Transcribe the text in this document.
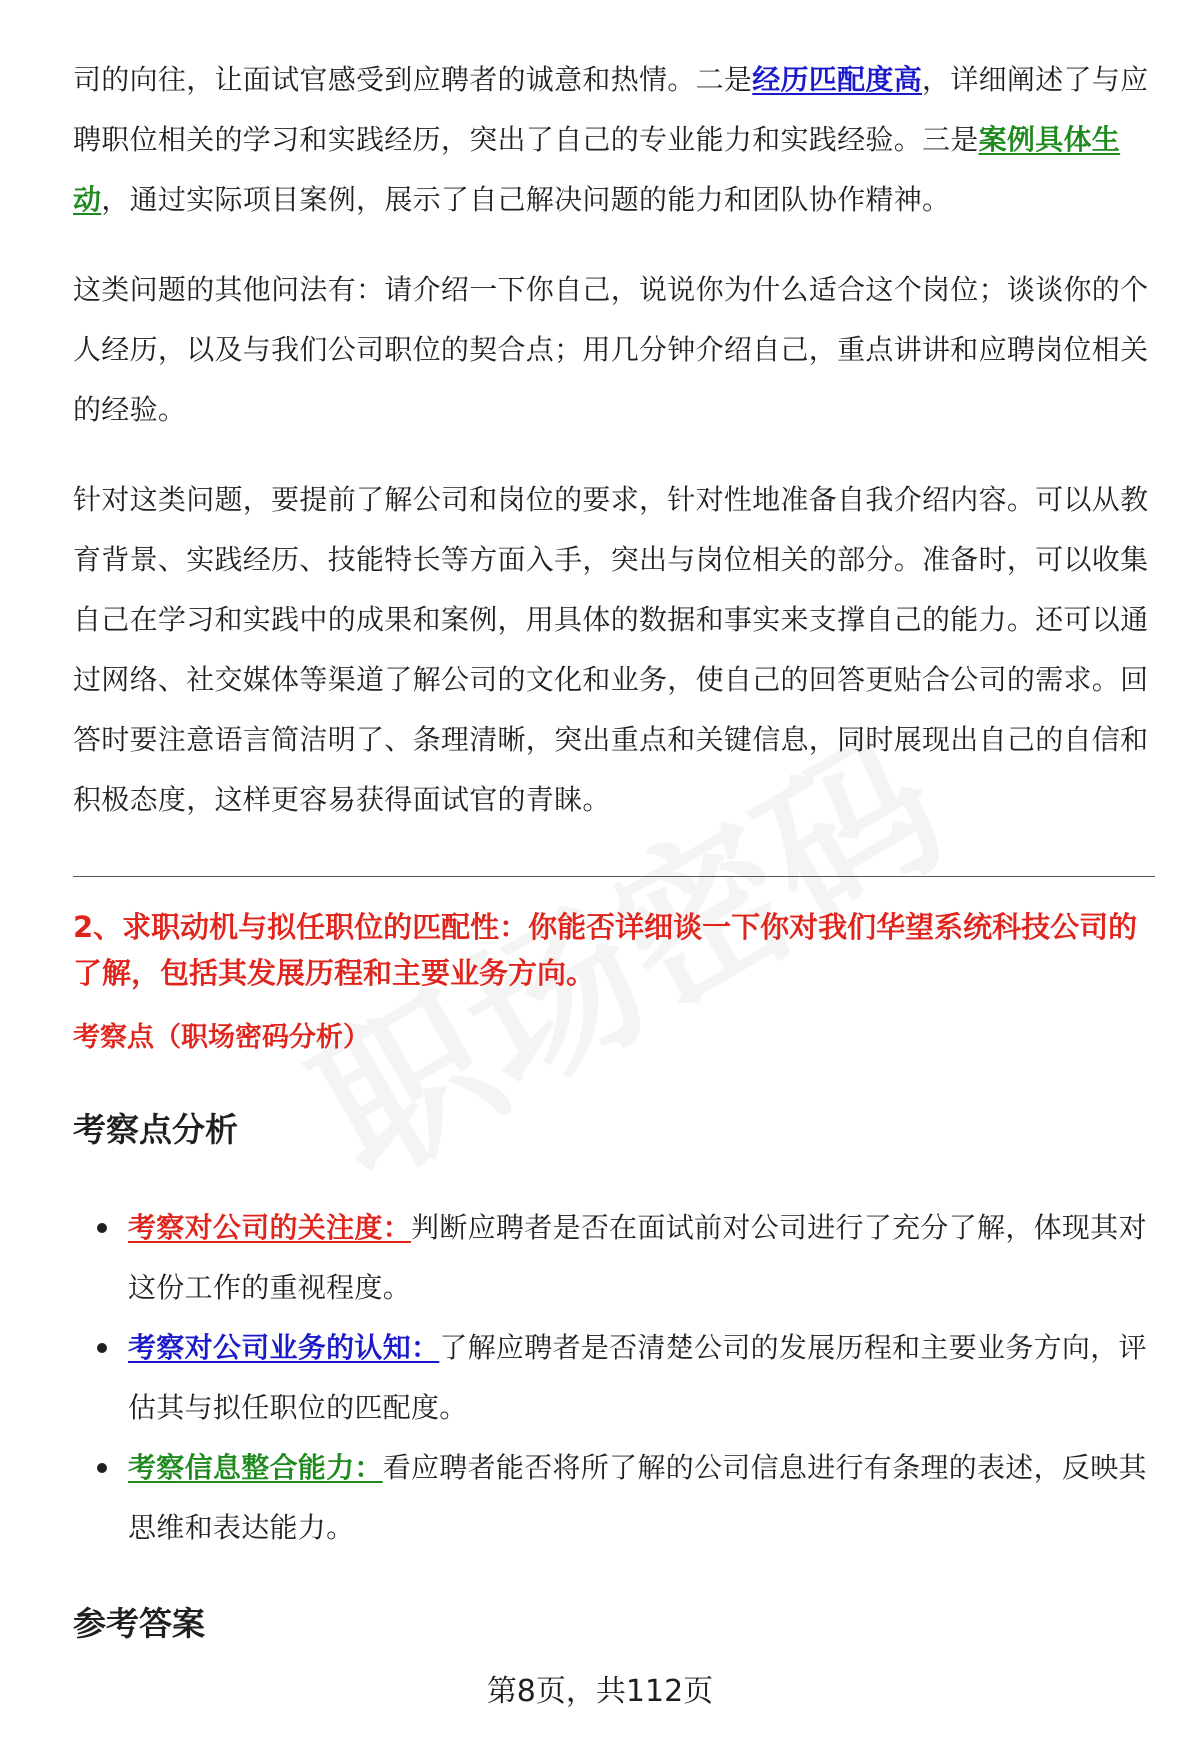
司的向往，让面试官感受到应聘者的诚意和热情。二是经历匹配度高，详细阐述了与应聘职位相关的学习和实践经历，突出了自己的专业能力和实践经验。三是案例具体生动，通过实际项目案例，展示了自己解决问题的能力和团队协作精神。

这类问题的其他问法有：请介绍一下你自己，说说你为什么适合这个岗位；谈谈你的个人经历，以及与我们公司职位的契合点；用几分钟介绍自己，重点讲讲和应聘岗位相关的经验。

针对这类问题，要提前了解公司和岗位的要求，针对性地准备自我介绍内容。可以从教育背景、实践经历、技能特长等方面入手，突出与岗位相关的部分。准备时，可以收集自己在学习和实践中的成果和案例，用具体的数据和事实来支撑自己的能力。还可以通过网络、社交媒体等渠道了解公司的文化和业务，使自己的回答更贴合公司的需求。回答时要注意语言简洁明了、条理清晰，突出重点和关键信息，同时展现出自己的自信和积极态度，这样更容易获得面试官的青睐。

2、求职动机与拟任职位的匹配性：你能否详细谈一下你对我们华望系统科技公司的了解，包括其发展历程和主要业务方向。

考察点（职场密码分析）

考察点分析
考察对公司的关注度：判断应聘者是否在面试前对公司进行了充分了解，体现其对这份工作的重视程度。
考察对公司业务的认知：了解应聘者是否清楚公司的发展历程和主要业务方向，评估其与拟任职位的匹配度。
考察信息整合能力：看应聘者能否将所了解的公司信息进行有条理的表述，反映其思维和表达能力。
参考答案
第8页，共112页
